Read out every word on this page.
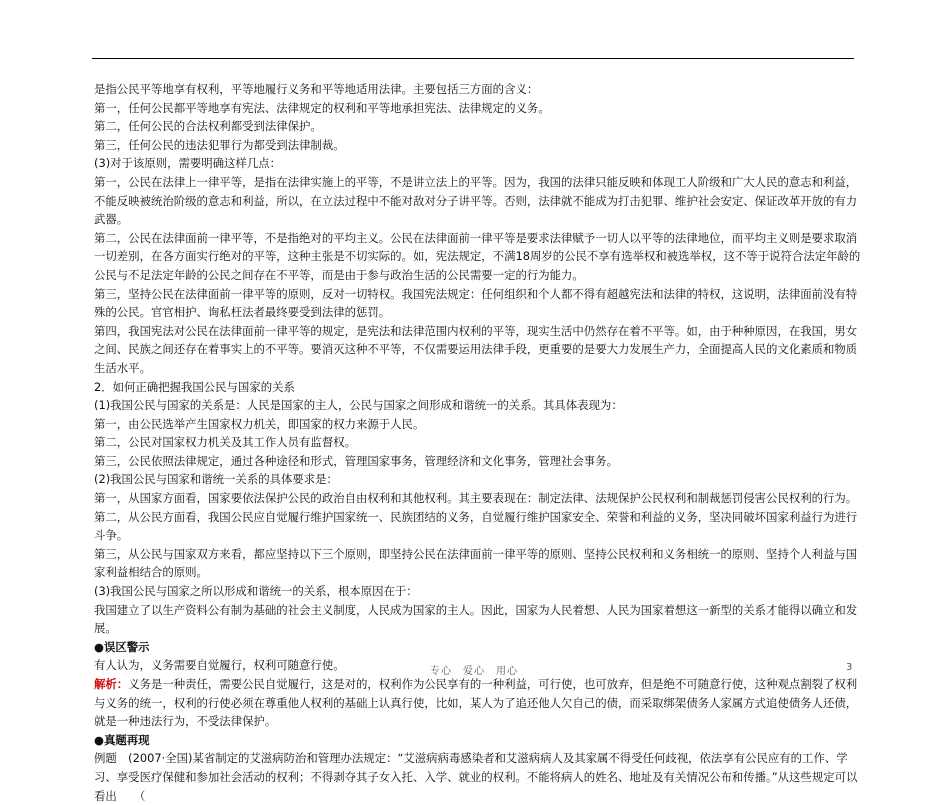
是指公民平等地享有权利，平等地履行义务和平等地适用法律。主要包括三方面的含义：

第一，任何公民都平等地享有宪法、法律规定的权利和平等地承担宪法、法律规定的义务。

第二，任何公民的合法权利都受到法律保护。

第三，任何公民的违法犯罪行为都受到法律制裁。

(3)对于该原则，需要明确这样几点：

第一，公民在法律上一律平等，是指在法律实施上的平等，不是讲立法上的平等。因为，我国的法律只能反映和体现工人阶级和广大人民的意志和利益，不能反映被统治阶级的意志和利益，所以，在立法过程中不能对敌对分子讲平等。否则，法律就不能成为打击犯罪、维护社会安定、保证改革开放的有力武器。

第二，公民在法律面前一律平等，不是指绝对的平均主义。公民在法律面前一律平等是要求法律赋予一切人以平等的法律地位，而平均主义则是要求取消一切差别，在各方面实行绝对的平等，这种主张是不切实际的。如，宪法规定，不满18周岁的公民不享有选举权和被选举权，这不等于说符合法定年龄的公民与不足法定年龄的公民之间存在不平等，而是由于参与政治生活的公民需要一定的行为能力。

第三，坚持公民在法律面前一律平等的原则，反对一切特权。我国宪法规定：任何组织和个人都不得有超越宪法和法律的特权，这说明，法律面前没有特殊的公民。官官相护、询私枉法者最终要受到法律的惩罚。

第四，我国宪法对公民在法律面前一律平等的规定，是宪法和法律范围内权利的平等，现实生活中仍然存在着不平等。如，由于种种原因，在我国，男女之间、民族之间还存在着事实上的不平等。要消灭这种不平等，不仅需要运用法律手段，更重要的是要大力发展生产力，全面提高人民的文化素质和物质生活水平。

2．如何正确把握我国公民与国家的关系

(1)我国公民与国家的关系是：人民是国家的主人，公民与国家之间形成和谐统一的关系。其具体表现为：

第一，由公民选举产生国家权力机关，即国家的权力来源于人民。

第二，公民对国家权力机关及其工作人员有监督权。

第三，公民依照法律规定，通过各种途径和形式，管理国家事务，管理经济和文化事务，管理社会事务。

(2)我国公民与国家和谐统一关系的具体要求是：

第一，从国家方面看，国家要依法保护公民的政治自由权利和其他权利。其主要表现在：制定法律、法规保护公民权利和制裁惩罚侵害公民权利的行为。

第二，从公民方面看，我国公民应自觉履行维护国家统一、民族团结的义务，自觉履行维护国家安全、荣誉和利益的义务，坚决同破坏国家利益行为进行斗争。

第三，从公民与国家双方来看，都应坚持以下三个原则，即坚持公民在法律面前一律平等的原则、坚持公民权利和义务相统一的原则、坚持个人利益与国家利益相结合的原则。

(3)我国公民与国家之所以形成和谐统一的关系，根本原因在于：

我国建立了以生产资料公有制为基础的社会主义制度，人民成为国家的主人。因此，国家为人民着想、人民为国家着想这一新型的关系才能得以确立和发展。

●误区警示

有人认为，义务需要自觉履行，权利可随意行使。

解析：义务是一种责任，需要公民自觉履行，这是对的，权利作为公民享有的一种利益，可行使，也可放弃，但是绝不可随意行使，这种观点割裂了权利与义务的统一，权利的行使必须在尊重他人权利的基础上认真行使，比如，某人为了追还他人欠自己的债，而采取绑架债务人家属方式追使债务人还债，就是一种违法行为，不受法律保护。

●真题再现

例题　(2007·全国)某省制定的艾滋病防治和管理办法规定：“艾滋病病毒感染者和艾滋病病人及其家属不得受任何歧视，依法享有公民应有的工作、学习、享受医疗保健和参加社会活动的权利；不得剥夺其子女入托、入学、就业的权利。不能将病人的姓名、地址及有关情况公布和传播。”从这些规定可以看出　　（

专心　爱心　用心	3
